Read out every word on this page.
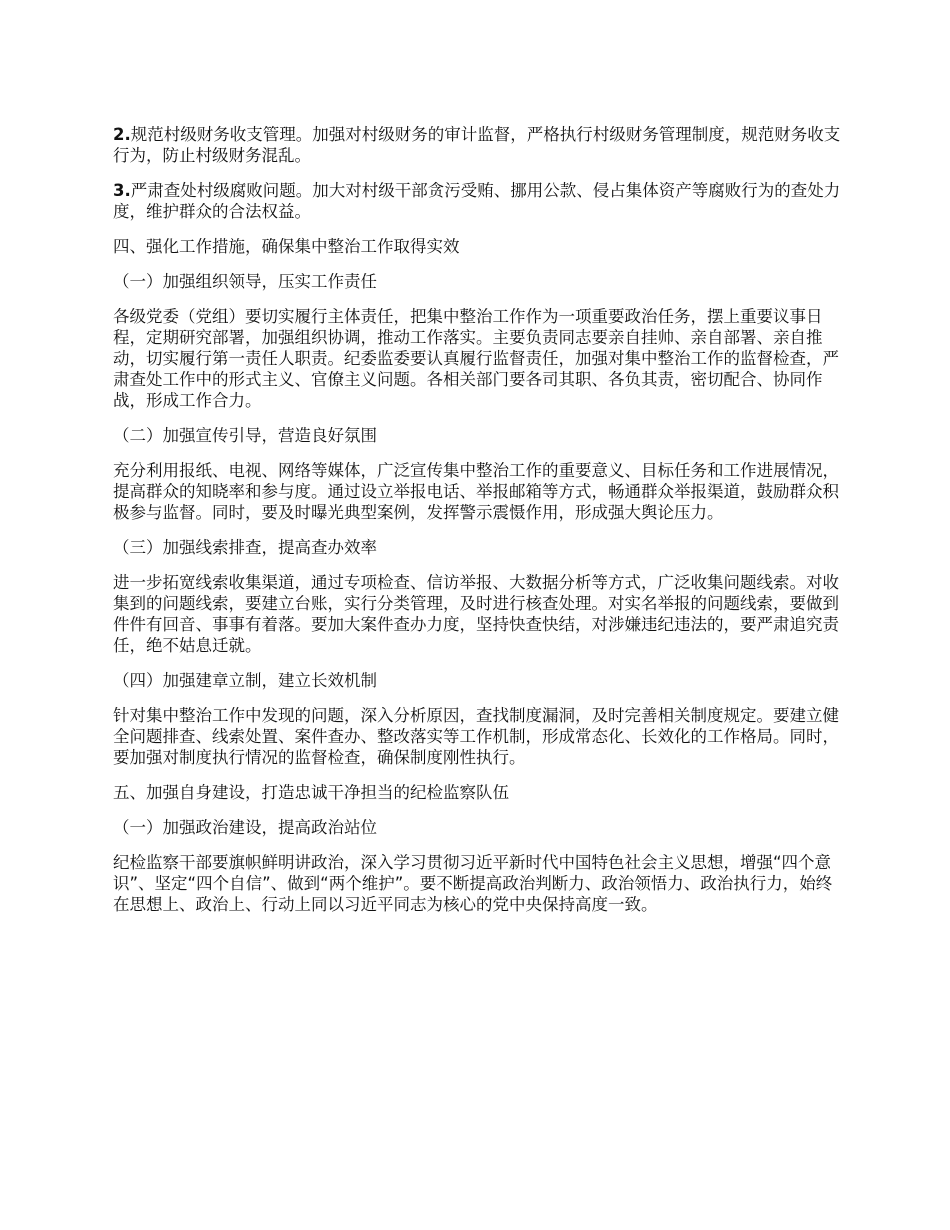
2.规范村级财务收支管理。加强对村级财务的审计监督，严格执行村级财务管理制度，规范财务收支行为，防止村级财务混乱。

3.严肃查处村级腐败问题。加大对村级干部贪污受贿、挪用公款、侵占集体资产等腐败行为的查处力度，维护群众的合法权益。

四、强化工作措施，确保集中整治工作取得实效

（一）加强组织领导，压实工作责任

各级党委（党组）要切实履行主体责任，把集中整治工作作为一项重要政治任务，摆上重要议事日程，定期研究部署，加强组织协调，推动工作落实。主要负责同志要亲自挂帅、亲自部署、亲自推动，切实履行第一责任人职责。纪委监委要认真履行监督责任，加强对集中整治工作的监督检查，严肃查处工作中的形式主义、官僚主义问题。各相关部门要各司其职、各负其责，密切配合、协同作战，形成工作合力。

（二）加强宣传引导，营造良好氛围

充分利用报纸、电视、网络等媒体，广泛宣传集中整治工作的重要意义、目标任务和工作进展情况，提高群众的知晓率和参与度。通过设立举报电话、举报邮箱等方式，畅通群众举报渠道，鼓励群众积极参与监督。同时，要及时曝光典型案例，发挥警示震慑作用，形成强大舆论压力。

（三）加强线索排查，提高查办效率

进一步拓宽线索收集渠道，通过专项检查、信访举报、大数据分析等方式，广泛收集问题线索。对收集到的问题线索，要建立台账，实行分类管理，及时进行核查处理。对实名举报的问题线索，要做到件件有回音、事事有着落。要加大案件查办力度，坚持快查快结，对涉嫌违纪违法的，要严肃追究责任，绝不姑息迁就。

（四）加强建章立制，建立长效机制

针对集中整治工作中发现的问题，深入分析原因，查找制度漏洞，及时完善相关制度规定。要建立健全问题排查、线索处置、案件查办、整改落实等工作机制，形成常态化、长效化的工作格局。同时，要加强对制度执行情况的监督检查，确保制度刚性执行。

五、加强自身建设，打造忠诚干净担当的纪检监察队伍

（一）加强政治建设，提高政治站位

纪检监察干部要旗帜鲜明讲政治，深入学习贯彻习近平新时代中国特色社会主义思想，增强“四个意识”、坚定“四个自信”、做到“两个维护”。要不断提高政治判断力、政治领悟力、政治执行力，始终在思想上、政治上、行动上同以习近平同志为核心的党中央保持高度一致。
